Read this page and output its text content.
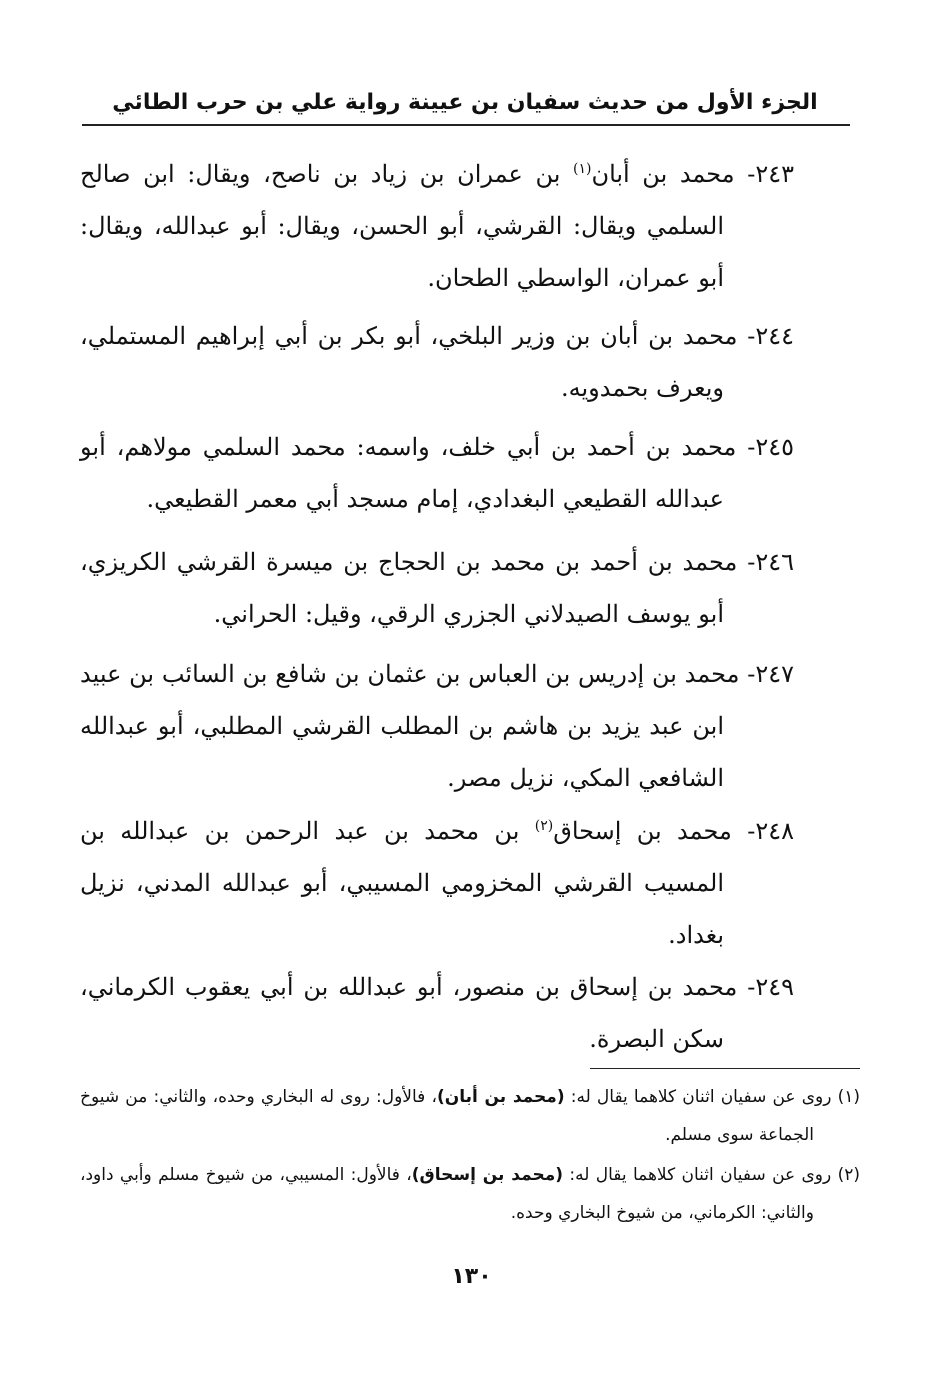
الجزء الأول من حديث سفيان بن عيينة رواية علي بن حرب الطائي
٢٤٣- محمد بن أبان$^{(١)}$ بن عمران بن زياد بن ناصح، ويقال: ابن صالح السلمي ويقال: القرشي، أبو الحسن، ويقال: أبو عبدالله، ويقال: أبو عمران، الواسطي الطحان.
٢٤٤- محمد بن أبان بن وزير البلخي، أبو بكر بن أبي إبراهيم المستملي، ويعرف بحمدويه.
٢٤٥- محمد بن أحمد بن أبي خلف، واسمه: محمد السلمي مولاهم، أبو عبدالله القطيعي البغدادي، إمام مسجد أبي معمر القطيعي.
٢٤٦- محمد بن أحمد بن محمد بن الحجاج بن ميسرة القرشي الكريزي، أبو يوسف الصيدلاني الجزري الرقي، وقيل: الحراني.
٢٤٧- محمد بن إدريس بن العباس بن عثمان بن شافع بن السائب بن عبيد ابن عبد يزيد بن هاشم بن المطلب القرشي المطلبي، أبو عبدالله الشافعي المكي، نزيل مصر.
٢٤٨- محمد بن إسحاق$^{(٢)}$ بن محمد بن عبد الرحمن بن عبدالله بن المسيب القرشي المخزومي المسيبي، أبو عبدالله المدني، نزيل بغداد.
٢٤٩- محمد بن إسحاق بن منصور، أبو عبدالله بن أبي يعقوب الكرماني، سكن البصرة.
(١) روى عن سفيان اثنان كلاهما يقال له: (محمد بن أبان)، فالأول: روى له البخاري وحده، والثاني: من شيوخ الجماعة سوى مسلم.
(٢) روى عن سفيان اثنان كلاهما يقال له: (محمد بن إسحاق)، فالأول: المسيبي، من شيوخ مسلم وأبي داود، والثاني: الكرماني، من شيوخ البخاري وحده.
١٣٠
